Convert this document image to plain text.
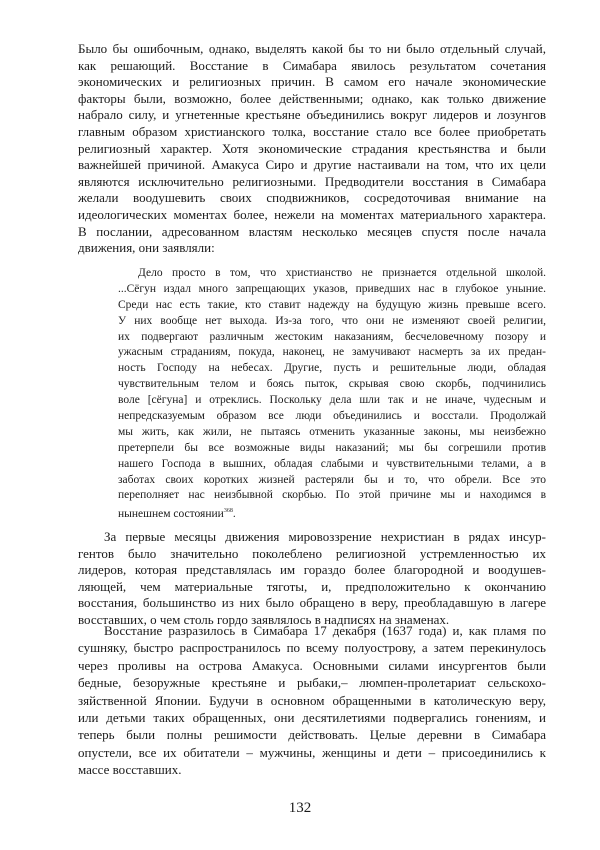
Было бы ошибочным, однако, выделять какой бы то ни было отдельный случай,
как решающий. Восстание в Симабара явилось результатом сочетания
экономических и религиозных причин. В самом его начале экономические
факторы были, возможно, более действенными; однако, как только движение
набрало силу, и угнетенные крестьяне объединились вокруг лидеров и лозунгов
главным образом христианского толка, восстание стало все более приобретать
религиозный характер. Хотя экономические страдания крестьянства и были
важнейшей причиной. Амакуса Сиро и другие настаивали на том, что их цели
являются исключительно религиозными. Предводители восстания в Симабара
желали воодушевить своих сподвижников, сосредоточивая внимание на
идеологических моментах более, нежели на моментах материального характера.
В послании, адресованном властям несколько месяцев спустя после начала
движения, они заявляли:
Дело просто в том, что христианство не признается отдельной школой.
...Сёгун издал много запрещающих указов, приведших нас в глубокое уныние.
Среди нас есть такие, кто ставит надежду на будущую жизнь превыше всего.
У них вообще нет выхода. Из-за того, что они не изменяют своей религии,
их подвергают различным жестоким наказаниям, бесчеловечному позору и
ужасным страданиям, покуда, наконец, не замучивают насмерть за их предан-
ность Господу на небесах. Другие, пусть и решительные люди, обладая
чувствительным телом и боясь пыток, скрывая свою скорбь, подчинились
воле [сёгуна] и отреклись. Поскольку дела шли так и не иначе, чудесным и
непредсказуемым образом все люди объединились и восстали. Продолжай
мы жить, как жили, не пытаясь отменить указанные законы, мы неизбежно
претерпели бы все возможные виды наказаний; мы бы согрешили против
нашего Господа в вышних, обладая слабыми и чувствительными телами, а в
заботах своих коротких жизней растеряли бы и то, что обрели. Все это
переполняет нас неизбывной скорбью. По этой причине мы и находимся в
нынешнем состоянии$^{368}$.
За первые месяцы движения мировоззрение нехристиан в рядах инсур-
гентов было значительно поколеблено религиозной устремленностью их
лидеров, которая представлялась им гораздо более благородной и воодушев-
ляющей, чем материальные тяготы, и, предположительно к окончанию
восстания, большинство из них было обращено в веру, преобладавшую в лагере
восставших, о чем столь гордо заявлялось в надписях на знаменах.
Восстание разразилось в Симабара 17 декабря (1637 года) и, как пламя по
сушняку, быстро распространилось по всему полуострову, а затем перекинулось
через проливы на острова Амакуса. Основными силами инсургентов были
бедные, безоружные крестьяне и рыбаки,– люмпен-пролетариат сельскохо-
зяйственной Японии. Будучи в основном обращенными в католическую веру,
или детьми таких обращенных, они десятилетиями подвергались гонениям, и
теперь были полны решимости действовать. Целые деревни в Симабара
опустели, все их обитатели – мужчины, женщины и дети – присоединились к
массе восставших.
132
